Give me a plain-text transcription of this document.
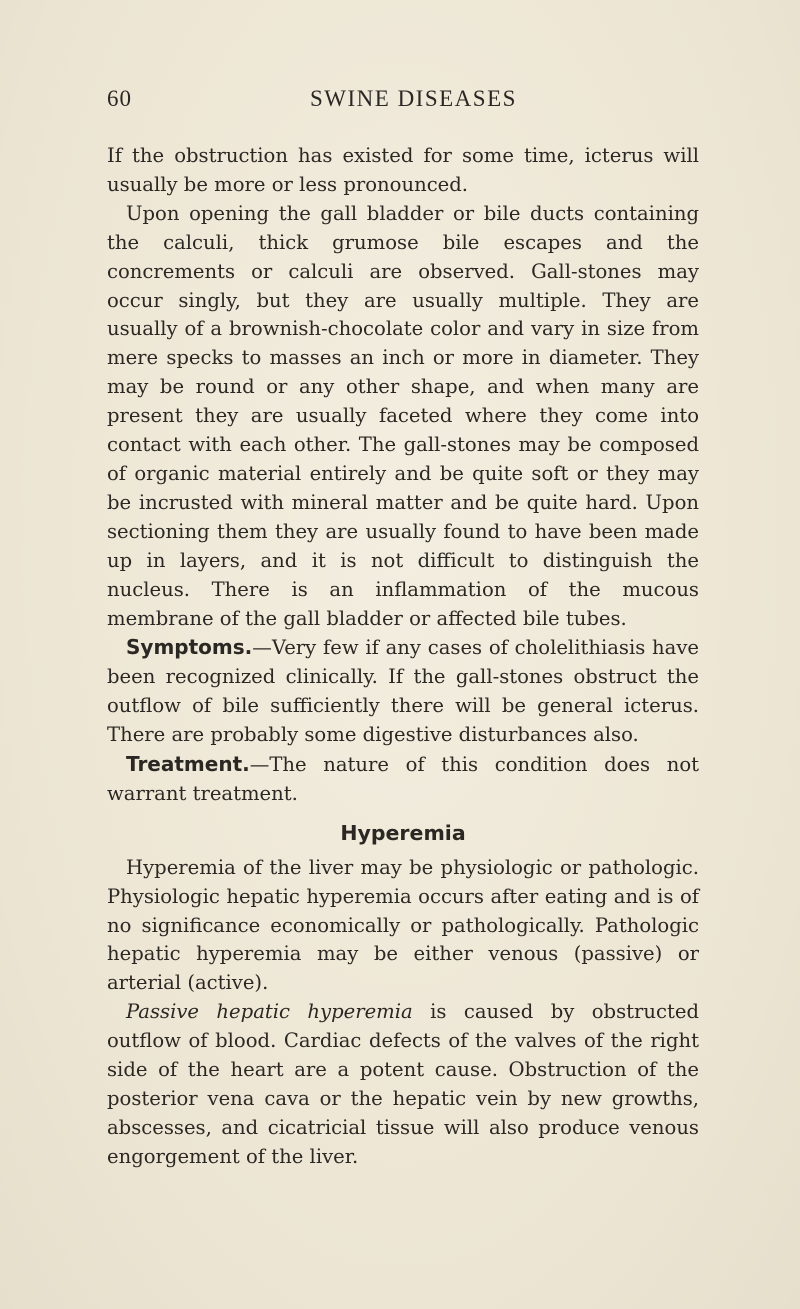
60	SWINE DISEASES

If the obstruction has existed for some time, icterus will usually be more or less pronounced.

Upon opening the gall bladder or bile ducts containing the calculi, thick grumose bile escapes and the concrements or calculi are observed. Gall-stones may occur singly, but they are usually multiple. They are usually of a brownish-chocolate color and vary in size from mere specks to masses an inch or more in diameter. They may be round or any other shape, and when many are present they are usually faceted where they come into contact with each other. The gall-stones may be composed of organic material entirely and be quite soft or they may be incrusted with mineral matter and be quite hard. Upon sectioning them they are usually found to have been made up in layers, and it is not difficult to distinguish the nucleus. There is an inflammation of the mucous membrane of the gall bladder or affected bile tubes.

Symptoms.—Very few if any cases of cholelithiasis have been recognized clinically. If the gall-stones obstruct the outflow of bile sufficiently there will be general icterus. There are probably some digestive disturbances also.

Treatment.—The nature of this condition does not warrant treatment.

Hyperemia

Hyperemia of the liver may be physiologic or pathologic. Physiologic hepatic hyperemia occurs after eating and is of no significance economically or pathologically. Pathologic hepatic hyperemia may be either venous (passive) or arterial (active).

Passive hepatic hyperemia is caused by obstructed outflow of blood. Cardiac defects of the valves of the right side of the heart are a potent cause. Obstruction of the posterior vena cava or the hepatic vein by new growths, abscesses, and cicatricial tissue will also produce venous engorgement of the liver.
